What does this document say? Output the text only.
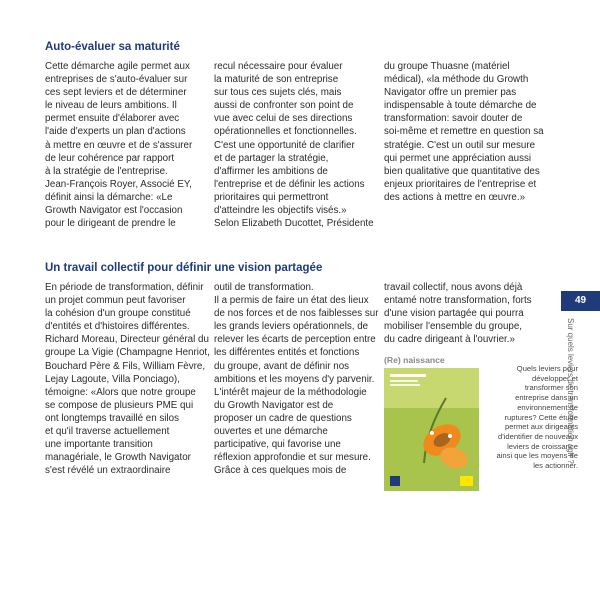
Auto-évaluer sa maturité
Cette démarche agile permet aux
entreprises de s'auto-évaluer sur
ces sept leviers et de déterminer
le niveau de leurs ambitions. Il
permet ensuite d'élaborer avec
l'aide d'experts un plan d'actions
à mettre en œuvre et de s'assurer
de leur cohérence par rapport
à la stratégie de l'entreprise.
Jean-François Royer, Associé EY,
définit ainsi la démarche: «Le
Growth Navigator est l'occasion
pour le dirigeant de prendre le
recul nécessaire pour évaluer
la maturité de son entreprise
sur tous ces sujets clés, mais
aussi de confronter son point de
vue avec celui de ses directions
opérationnelles et fonctionnelles.
C'est une opportunité de clarifier
et de partager la stratégie,
d'affirmer les ambitions de
l'entreprise et de définir les actions
prioritaires qui permettront
d'atteindre les objectifs visés.»
Selon Elizabeth Ducottet, Présidente
du groupe Thuasne (matériel
médical), «la méthode du Growth
Navigator offre un premier pas
indispensable à toute démarche de
transformation: savoir douter de
soi-même et remettre en question sa
stratégie. C'est un outil sur mesure
qui permet une appréciation aussi
bien qualitative que quantitative des
enjeux prioritaires de l'entreprise et
des actions à mettre en œuvre.»
Un travail collectif pour définir une vision partagée
En période de transformation, définir
un projet commun peut favoriser
la cohésion d'un groupe constitué
d'entités et d'histoires différentes.
Richard Moreau, Directeur général du
groupe La Vigie (Champagne Henriot,
Bouchard Père & Fils, William Fèvre,
Lejay Lagoute, Villa Ponciago),
témoigne: «Alors que notre groupe
se compose de plusieurs PME qui
ont longtemps travaillé en silos
et qu'il traverse actuellement
une importante transition
managériale, le Growth Navigator
s'est révélé un extraordinaire
outil de transformation.
Il a permis de faire un état des lieux
de nos forces et de nos faiblesses sur
les grands leviers opérationnels, de
relever les écarts de perception entre
les différentes entités et fonctions
du groupe, avant de définir nos
ambitions et les moyens d'y parvenir.
L'intérêt majeur de la méthodologie
du Growth Navigator est de
proposer un cadre de questions
ouvertes et une démarche
participative, qui favorise une
réflexion approfondie et sur mesure.
Grâce à ces quelques mois de
travail collectif, nous avons déjà
entamé notre transformation, forts
d'une vision partagée qui pourra
mobiliser l'ensemble du groupe,
du cadre dirigeant à l'ouvrier.»
(Re) naissance
Quels leviers pour
développer et
transformer son
entreprise dans un
environnement de
ruptures? Cette étude
permet aux dirigeants
d'identifier de nouveaux
leviers de croissance
ainsi que les moyens de
les actionner.
49
Sur quels leviers de transformation agir ?
